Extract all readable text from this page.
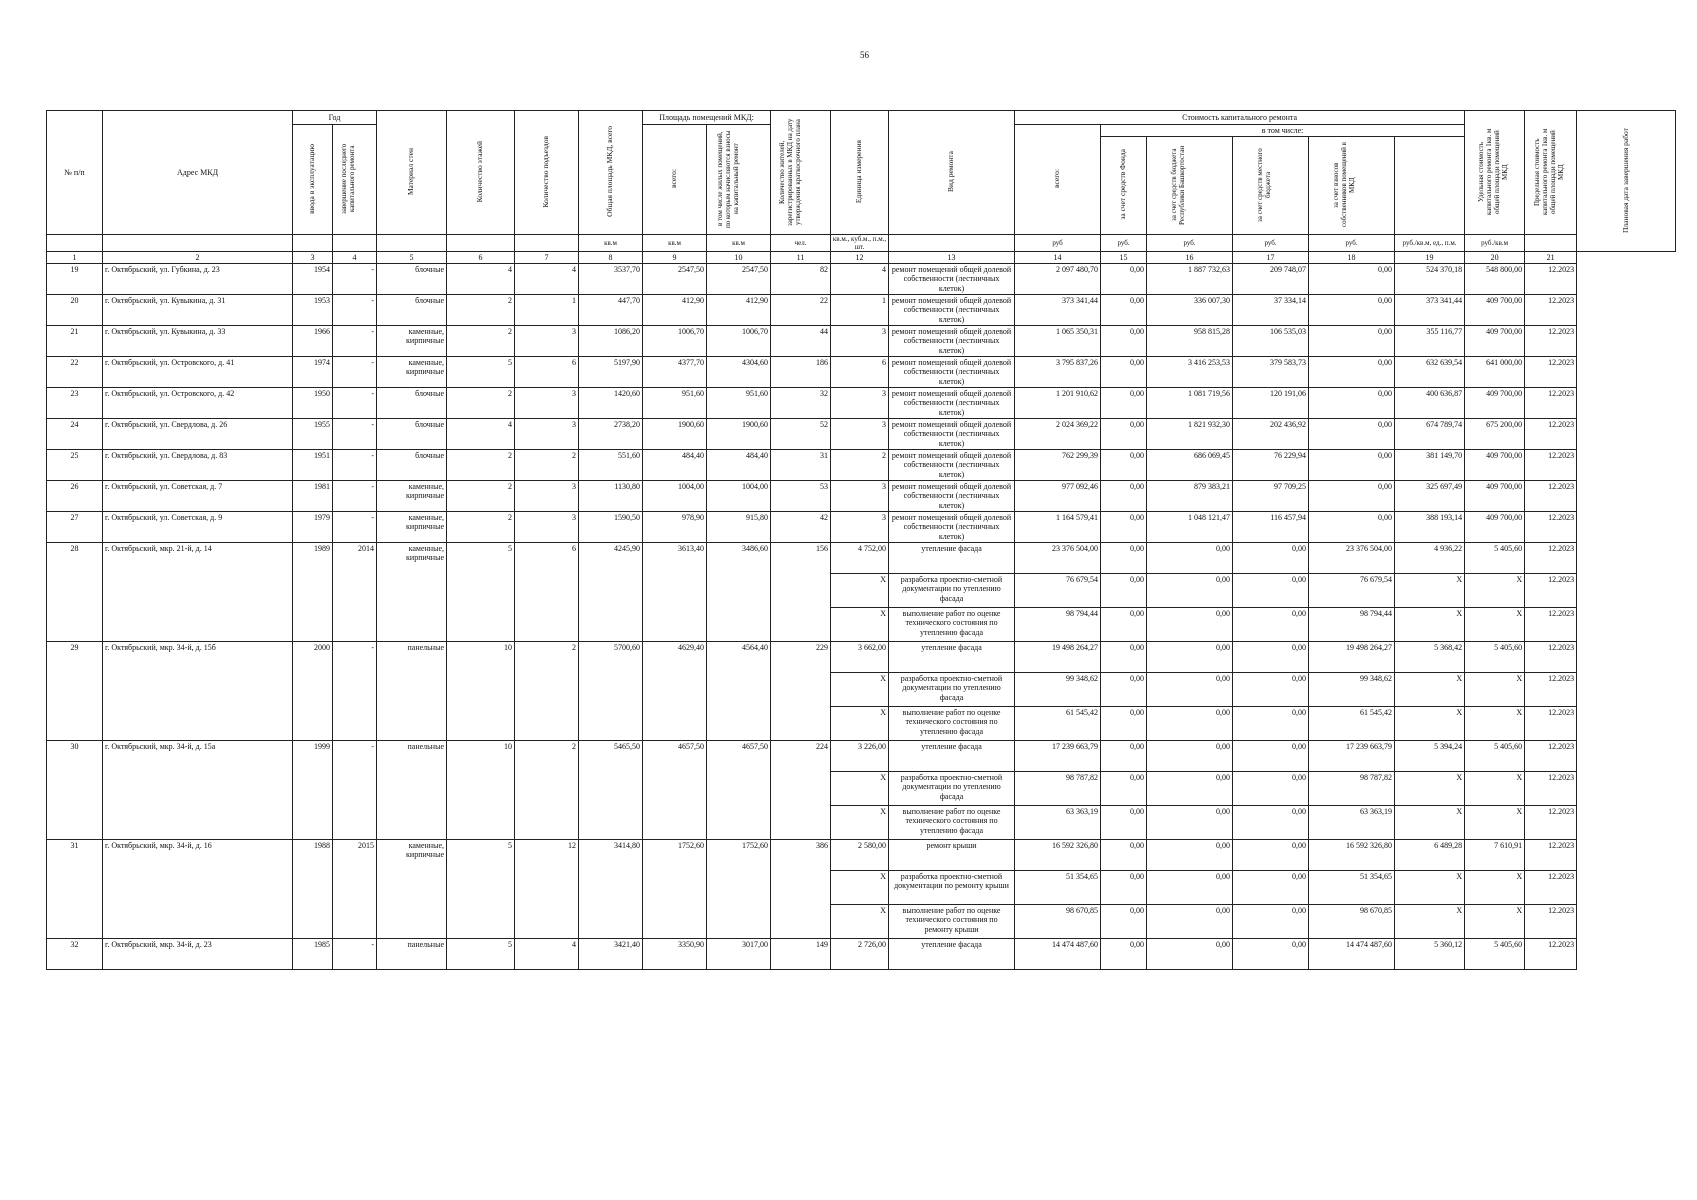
56
№ п/п	Адрес МКД	Год		Материал стен	Количество этажей	Количество подъездов	Общая площадь МКД, всего	Площадь помещений МКД:		Количество жителей, зарегистрированных в МКД на дату утверждения краткосрочного плана	Единица измерения	Вид ремонта	Стоимость капитального ремонта						Удельная стоимость капитального ремонта 1кв. м общей площади помещений МКД	Предельная стоимость капитального ремонта 1кв. м общей площади помещений МКД	Плановая дата завершения работ
		ввода в эксплуатацию	завершение последнего капитального ремонта					всего:	в том числе жилых помещений, по которым начисляются взносы на капитальный ремонт				всего:	в том числе:							
														за счет средств Фонда	за счет средств бюджета Республики Башкортостан	за счет средств местного бюджета	за счет взносов собственников помещений в МКД				
							кв.м	кв.м	кв.м	чел.	кв.м., куб.м., п.м., шт.		руб	руб.	руб.	руб.	руб.	руб./кв.м, ед., п.м.	руб./кв.м		
1	2	3	4	5	6	7	8	9	10	11	12	13	14	15	16	17	18	19	20	21	
19	г. Октябрьский, ул. Губкина, д. 23	1954	-	блочные	4	4	3537,70	2547,50	2547,50	82	4	ремонт помещений общей долевой собственности (лестничных клеток)	2 097 480,70	0,00	1 887 732,63	209 748,07	0,00	524 370,18	548 800,00	12.2023	
20	г. Октябрьский, ул. Кувыкина, д. 31	1953	-	блочные	2	1	447,70	412,90	412,90	22	1	ремонт помещений общей долевой собственности (лестничных клеток)	373 341,44	0,00	336 007,30	37 334,14	0,00	373 341,44	409 700,00	12.2023	
21	г. Октябрьский, ул. Кувыкина, д. 33	1966	-	каменные, кирпичные	2	3	1086,20	1006,70	1006,70	44	3	ремонт помещений общей долевой собственности (лестничных клеток)	1 065 350,31	0,00	958 815,28	106 535,03	0,00	355 116,77	409 700,00	12.2023	
22	г. Октябрьский, ул. Островского, д. 41	1974	-	каменные, кирпичные	5	6	5197,90	4377,70	4304,60	186	6	ремонт помещений общей долевой собственности (лестничных клеток)	3 795 837,26	0,00	3 416 253,53	379 583,73	0,00	632 639,54	641 000,00	12.2023	
23	г. Октябрьский, ул. Островского, д. 42	1950	-	блочные	2	3	1420,60	951,60	951,60	32	3	ремонт помещений общей долевой собственности (лестничных клеток)	1 201 910,62	0,00	1 081 719,56	120 191,06	0,00	400 636,87	409 700,00	12.2023	
24	г. Октябрьский, ул. Свердлова, д. 26	1955	-	блочные	4	3	2738,20	1900,60	1900,60	52	3	ремонт помещений общей долевой собственности (лестничных клеток)	2 024 369,22	0,00	1 821 932,30	202 436,92	0,00	674 789,74	675 200,00	12.2023	
25	г. Октябрьский, ул. Свердлова, д. 83	1951	-	блочные	2	2	551,60	484,40	484,40	31	2	ремонт помещений общей долевой собственности (лестничных клеток)	762 299,39	0,00	686 069,45	76 229,94	0,00	381 149,70	409 700,00	12.2023	
26	г. Октябрьский, ул. Советская, д. 7	1981	-	каменные, кирпичные	2	3	1130,80	1004,00	1004,00	53	3	ремонт помещений общей долевой собственности (лестничных клеток)	977 092,46	0,00	879 383,21	97 709,25	0,00	325 697,49	409 700,00	12.2023	
27	г. Октябрьский, ул. Советская, д. 9	1979	-	каменные, кирпичные	2	3	1590,50	978,90	915,80	42	3	ремонт помещений общей долевой собственности (лестничных клеток)	1 164 579,41	0,00	1 048 121,47	116 457,94	0,00	388 193,14	409 700,00	12.2023	
28	г. Октябрьский, мкр. 21-й, д. 14	1989	2014	каменные, кирпичные	5	6	4245,90	3613,40	3486,60	156	4 752,00	утепление фасада	23 376 504,00	0,00	0,00	0,00	23 376 504,00	4 936,22	5 405,60	12.2023	
											X	разработка проектно-сметной документации по утеплению фасада	76 679,54	0,00	0,00	0,00	76 679,54	X	X	12.2023	
											X	выполнение работ по оценке технического состояния по утеплению фасада	98 794,44	0,00	0,00	0,00	98 794,44	X	X	12.2023	
29	г. Октябрьский, мкр. 34-й, д. 15б	2000	-	панельные	10	2	5700,60	4629,40	4564,40	229	3 662,00	утепление фасада	19 498 264,27	0,00	0,00	0,00	19 498 264,27	5 368,42	5 405,60	12.2023	
											X	разработка проектно-сметной документации по утеплению фасада	99 348,62	0,00	0,00	0,00	99 348,62	X	X	12.2023	
											X	выполнение работ по оценке технического состояния по утеплению фасада	61 545,42	0,00	0,00	0,00	61 545,42	X	X	12.2023	
30	г. Октябрьский, мкр. 34-й, д. 15а	1999	-	панельные	10	2	5465,50	4657,50	4657,50	224	3 226,00	утепление фасада	17 239 663,79	0,00	0,00	0,00	17 239 663,79	5 394,24	5 405,60	12.2023	
											X	разработка проектно-сметной документации по утеплению фасада	98 787,82	0,00	0,00	0,00	98 787,82	X	X	12.2023	
											X	выполнение работ по оценке технического состояния по утеплению фасада	63 363,19	0,00	0,00	0,00	63 363,19	X	X	12.2023	
31	г. Октябрьский, мкр. 34-й, д. 16	1988	2015	каменные, кирпичные	5	12	3414,80	1752,60	1752,60	386	2 580,00	ремонт крыши	16 592 326,80	0,00	0,00	0,00	16 592 326,80	6 489,28	7 610,91	12.2023	
											X	разработка проектно-сметной документации по ремонту крыши	51 354,65	0,00	0,00	0,00	51 354,65	X	X	12.2023	
											X	выполнение работ по оценке технического состояния по ремонту крыши	98 670,85	0,00	0,00	0,00	98 670,85	X	X	12.2023	
32	г. Октябрьский, мкр. 34-й, д. 23	1985	-	панельные	5	4	3421,40	3350,90	3017,00	149	2 726,00	утепление фасада	14 474 487,60	0,00	0,00	0,00	14 474 487,60	5 360,12	5 405,60	12.2023	
